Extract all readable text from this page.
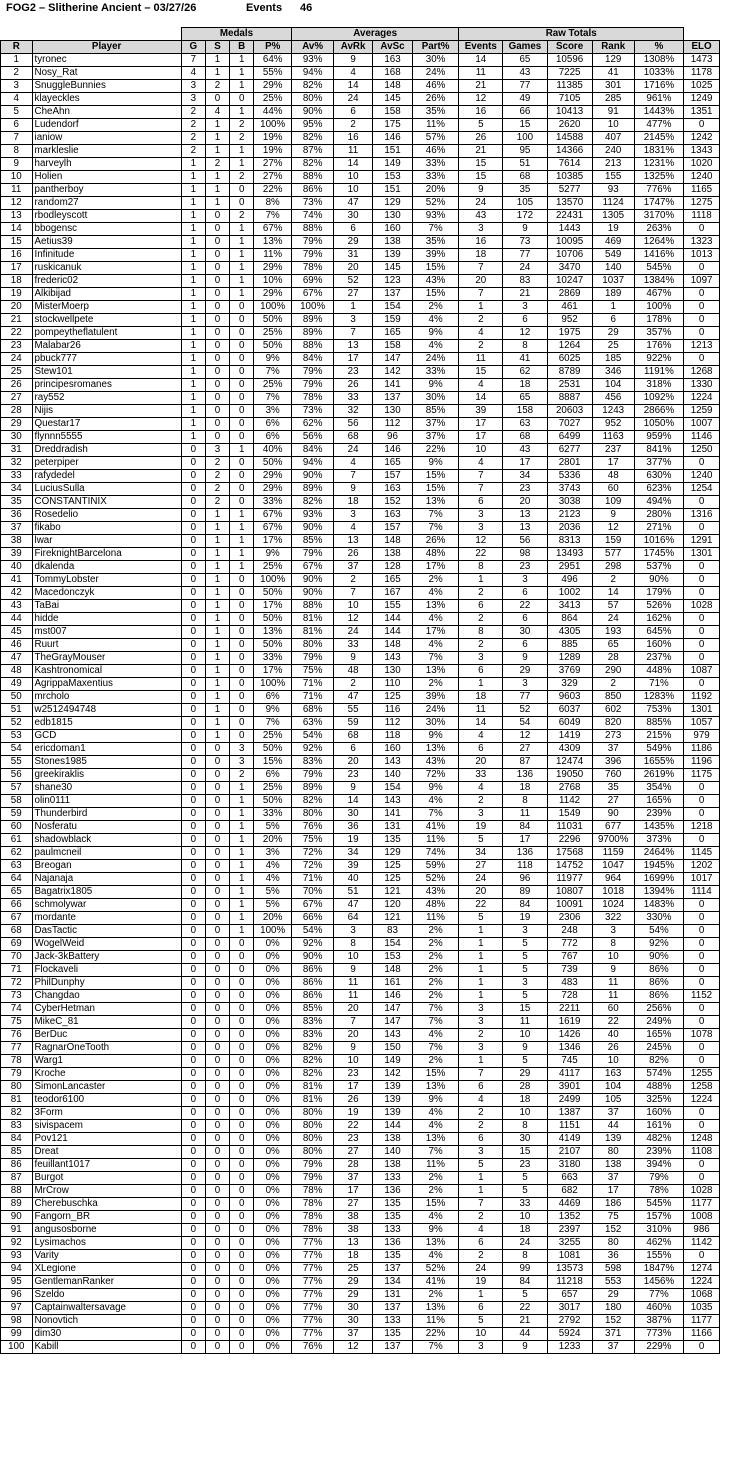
FOG2 – Slitherine Ancient – 03/27/26	Events 46
		Medals				Averages				Raw Totals					
R	Player	G	S	B	P%	Av%	AvRk	AvSc	Part%	Events	Games	Score	Rank	%	ELO
1	tyronec	7	1	1	64%	93%	9	163	30%	14	65	10596	129	1308%	1473
2	Nosy_Rat	4	1	1	55%	94%	4	168	24%	11	43	7225	41	1033%	1178
3	SnuggleBunnies	3	2	1	29%	82%	14	148	46%	21	77	11385	301	1716%	1025
4	klayeckles	3	0	0	25%	80%	24	145	26%	12	49	7105	285	961%	1249
5	CheAhn	2	4	1	44%	90%	6	158	35%	16	66	10413	91	1443%	1351
6	Ludendorf	2	1	2	100%	95%	2	175	11%	5	15	2620	10	477%	0
7	ianiow	2	1	2	19%	82%	16	146	57%	26	100	14588	407	2145%	1242
8	markleslie	2	1	1	19%	87%	11	151	46%	21	95	14366	240	1831%	1343
9	harveylh	1	2	1	27%	82%	14	149	33%	15	51	7614	213	1231%	1020
10	Holien	1	1	2	27%	88%	10	153	33%	15	68	10385	155	1325%	1240
11	pantherboy	1	1	0	22%	86%	10	151	20%	9	35	5277	93	776%	1165
12	random27	1	1	0	8%	73%	47	129	52%	24	105	13570	1124	1747%	1275
13	rbodleyscott	1	0	2	7%	74%	30	130	93%	43	172	22431	1305	3170%	1118
14	bbogensc	1	0	1	67%	88%	6	160	7%	3	9	1443	19	263%	0
15	Aetius39	1	0	1	13%	79%	29	138	35%	16	73	10095	469	1264%	1323
16	Infinitude	1	0	1	11%	79%	31	139	39%	18	77	10706	549	1416%	1013
17	ruskicanuk	1	0	1	29%	78%	20	145	15%	7	24	3470	140	545%	0
18	frederic02	1	0	1	10%	69%	52	123	43%	20	83	10247	1037	1384%	1097
19	Alkibijad	1	0	1	29%	67%	27	137	15%	7	21	2869	189	467%	0
20	MisterMoerp	1	0	0	100%	100%	1	154	2%	1	3	461	1	100%	0
21	stockwellpete	1	0	0	50%	89%	3	159	4%	2	6	952	6	178%	0
22	pompeytheflatulent	1	0	0	25%	89%	7	165	9%	4	12	1975	29	357%	0
23	Malabar26	1	0	0	50%	88%	13	158	4%	2	8	1264	25	176%	1213
24	pbuck777	1	0	0	9%	84%	17	147	24%	11	41	6025	185	922%	0
25	Stew101	1	0	0	7%	79%	23	142	33%	15	62	8789	346	1191%	1268
26	principesromanes	1	0	0	25%	79%	26	141	9%	4	18	2531	104	318%	1330
27	ray552	1	0	0	7%	78%	33	137	30%	14	65	8887	456	1092%	1224
28	Nijis	1	0	0	3%	73%	32	130	85%	39	158	20603	1243	2866%	1259
29	Questar17	1	0	0	6%	62%	56	112	37%	17	63	7027	952	1050%	1007
30	flynnn5555	1	0	0	6%	56%	68	96	37%	17	68	6499	1163	959%	1146
31	Dreddradish	0	3	1	40%	84%	24	146	22%	10	43	6277	237	841%	1250
32	peterpiper	0	2	0	50%	94%	4	165	9%	4	17	2801	17	377%	0
33	rafydedel	0	2	0	29%	90%	7	157	15%	7	34	5336	48	630%	1240
34	LuciusSulla	0	2	0	29%	89%	9	163	15%	7	23	3743	60	623%	1254
35	CONSTANTINIX	0	2	0	33%	82%	18	152	13%	6	20	3038	109	494%	0
36	Rosedelio	0	1	1	67%	93%	3	163	7%	3	13	2123	9	280%	1316
37	fikabo	0	1	1	67%	90%	4	157	7%	3	13	2036	12	271%	0
38	lwar	0	1	1	17%	85%	13	148	26%	12	56	8313	159	1016%	1291
39	FireknightBarcelona	0	1	1	9%	79%	26	138	48%	22	98	13493	577	1745%	1301
40	dkalenda	0	1	1	25%	67%	37	128	17%	8	23	2951	298	537%	0
41	TommyLobster	0	1	0	100%	90%	2	165	2%	1	3	496	2	90%	0
42	Macedonczyk	0	1	0	50%	90%	7	167	4%	2	6	1002	14	179%	0
43	TaBai	0	1	0	17%	88%	10	155	13%	6	22	3413	57	526%	1028
44	hidde	0	1	0	50%	81%	12	144	4%	2	6	864	24	162%	0
45	mst007	0	1	0	13%	81%	24	144	17%	8	30	4305	193	645%	0
46	Ruurt	0	1	0	50%	80%	33	148	4%	2	6	885	65	160%	0
47	TheGrayMouser	0	1	0	33%	79%	9	143	7%	3	9	1289	28	237%	0
48	Kashtronomical	0	1	0	17%	75%	48	130	13%	6	29	3769	290	448%	1087
49	AgrippaMaxentius	0	1	0	100%	71%	2	110	2%	1	3	329	2	71%	0
50	mrcholo	0	1	0	6%	71%	47	125	39%	18	77	9603	850	1283%	1192
51	w2512494748	0	1	0	9%	68%	55	116	24%	11	52	6037	602	753%	1301
52	edb1815	0	1	0	7%	63%	59	112	30%	14	54	6049	820	885%	1057
53	GCD	0	1	0	25%	54%	68	118	9%	4	12	1419	273	215%	979
54	ericdoman1	0	0	3	50%	92%	6	160	13%	6	27	4309	37	549%	1186
55	Stones1985	0	0	3	15%	83%	20	143	43%	20	87	12474	396	1655%	1196
56	greekiraklis	0	0	2	6%	79%	23	140	72%	33	136	19050	760	2619%	1175
57	shane30	0	0	1	25%	89%	9	154	9%	4	18	2768	35	354%	0
58	olin0111	0	0	1	50%	82%	14	143	4%	2	8	1142	27	165%	0
59	Thunderbird	0	0	1	33%	80%	30	141	7%	3	11	1549	90	239%	0
60	Nosferatu	0	0	1	5%	76%	36	131	41%	19	84	11031	677	1435%	1218
61	shadowblack	0	0	1	20%	75%	19	135	11%	5	17	2296	9700%	373%	0
62	paulmcneil	0	0	1	3%	72%	34	129	74%	34	136	17568	1159	2464%	1145
63	Breogan	0	0	1	4%	72%	39	125	59%	27	118	14752	1047	1945%	1202
64	Najanaja	0	0	1	4%	71%	40	125	52%	24	96	11977	964	1699%	1017
65	Bagatrix1805	0	0	1	5%	70%	51	121	43%	20	89	10807	1018	1394%	1114
66	schmolywar	0	0	1	5%	67%	47	120	48%	22	84	10091	1024	1483%	0
67	mordante	0	0	1	20%	66%	64	121	11%	5	19	2306	322	330%	0
68	DasTactic	0	0	1	100%	54%	3	83	2%	1	3	248	3	54%	0
69	WogelWeid	0	0	0	0%	92%	8	154	2%	1	5	772	8	92%	0
70	Jack-3kBattery	0	0	0	0%	90%	10	153	2%	1	5	767	10	90%	0
71	Flockaveli	0	0	0	0%	86%	9	148	2%	1	5	739	9	86%	0
72	PhilDunphy	0	0	0	0%	86%	11	161	2%	1	3	483	11	86%	0
73	Changdao	0	0	0	0%	86%	11	146	2%	1	5	728	11	86%	1152
74	CyberHetman	0	0	0	0%	85%	20	147	7%	3	15	2211	60	256%	0
75	MikeC_81	0	0	0	0%	83%	7	147	7%	3	11	1619	22	249%	0
76	BerDuc	0	0	0	0%	83%	20	143	4%	2	10	1426	40	165%	1078
77	RagnarOneTooth	0	0	0	0%	82%	9	150	7%	3	9	1346	26	245%	0
78	Warg1	0	0	0	0%	82%	10	149	2%	1	5	745	10	82%	0
79	Kroche	0	0	0	0%	82%	23	142	15%	7	29	4117	163	574%	1255
80	SimonLancaster	0	0	0	0%	81%	17	139	13%	6	28	3901	104	488%	1258
81	teodor6100	0	0	0	0%	81%	26	139	9%	4	18	2499	105	325%	1224
82	3Form	0	0	0	0%	80%	19	139	4%	2	10	1387	37	160%	0
83	sivispacem	0	0	0	0%	80%	22	144	4%	2	8	1151	44	161%	0
84	Pov121	0	0	0	0%	80%	23	138	13%	6	30	4149	139	482%	1248
85	Dreat	0	0	0	0%	80%	27	140	7%	3	15	2107	80	239%	1108
86	feuillant1017	0	0	0	0%	79%	28	138	11%	5	23	3180	138	394%	0
87	Burgot	0	0	0	0%	79%	37	133	2%	1	5	663	37	79%	0
88	MrCrow	0	0	0	0%	78%	17	136	2%	1	5	682	17	78%	1028
89	Cherebuschka	0	0	0	0%	78%	27	135	15%	7	33	4469	186	545%	1177
90	Fangorn_BR	0	0	0	0%	78%	38	135	4%	2	10	1352	75	157%	1008
91	angusosborne	0	0	0	0%	78%	38	133	9%	4	18	2397	152	310%	986
92	Lysimachos	0	0	0	0%	77%	13	136	13%	6	24	3255	80	462%	1142
93	Varity	0	0	0	0%	77%	18	135	4%	2	8	1081	36	155%	0
94	XLegione	0	0	0	0%	77%	25	137	52%	24	99	13573	598	1847%	1274
95	GentlemanRanker	0	0	0	0%	77%	29	134	41%	19	84	11218	553	1456%	1224
96	Szeldo	0	0	0	0%	77%	29	131	2%	1	5	657	29	77%	1068
97	Captainwaltersavage	0	0	0	0%	77%	30	137	13%	6	22	3017	180	460%	1035
98	Nonovtich	0	0	0	0%	77%	30	133	11%	5	21	2792	152	387%	1177
99	dim30	0	0	0	0%	77%	37	135	22%	10	44	5924	371	773%	1166
100	Kabill	0	0	0	0%	76%	12	137	7%	3	9	1233	37	229%	0
